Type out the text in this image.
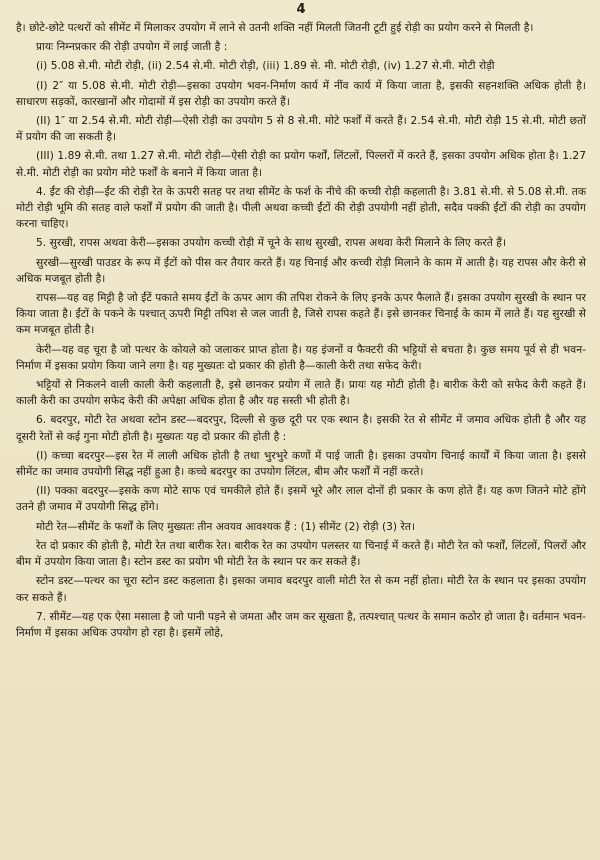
4

है। छोटे-छोटे पत्थरों को सीमेंट में मिलाकर उपयोग में लाने से उतनी शक्ति नहीं मिलती जितनी टूटी हुई रोड़ी का प्रयोग करने से मिलती है।

प्रायः निम्नप्रकार की रोड़ी उपयोग में लाई जाती है :

(i) 5.08 से.मी. मोटी रोड़ी, (ii) 2.54 से.मी. मोटी रोड़ी, (iii) 1.89 से. मी. मोटी रोड़ी, (iv) 1.27 से.मी. मोटी रोड़ी

(I) 2″ या 5.08 से.मी. मोटी रोड़ी—इसका उपयोग भवन-निर्माण कार्य में नींव कार्य में किया जाता है, इसकी सहनशक्ति अधिक होती है। साधारण सड़कों, कारखानों और गोदामों में इस रोड़ी का उपयोग करते हैं।

(II) 1″ या 2.54 से.मी. मोटी रोड़ी—ऐसी रोड़ी का उपयोग 5 से 8 से.मी. मोटे फर्शों में करते हैं। 2.54 से.मी. मोटी रोड़ी 15 से.मी. मोटी छतों में प्रयोग की जा सकती है।

(III) 1.89 से.मी. तथा 1.27 से.मी. मोटी रोड़ी—ऐसी रोड़ी का प्रयोग फर्शों, लिंटलों, पिल्लरों में करते हैं, इसका उपयोग अधिक होता है। 1.27 से.मी. मोटी रोड़ी का प्रयोग मोटे फर्शों के बनाने में किया जाता है।

4. ईंट की रोड़ी—ईंट की रोड़ी रेत के ऊपरी सतह पर तथा सीमेंट के फर्श के नीचे की कच्ची रोड़ी कहलाती है। 3.81 से.मी. से 5.08 से.मी. तक मोटी रोड़ी भूमि की सतह वाले फर्शों में प्रयोग की जाती है। पीली अथवा कच्ची ईंटों की रोड़ी उपयोगी नहीं होती, सदैव पक्की ईंटों की रोड़ी का उपयोग करना चाहिए।

5. सुरखी, रापस अथवा केरी—इसका उपयोग कच्ची रोड़ी में चूने के साथ सुरखी, रापस अथवा केरी मिलाने के लिए करते हैं।

सुरखी—सुरखी पाउडर के रूप में ईंटों को पीस कर तैयार करते हैं। यह चिनाई और कच्ची रोड़ी मिलाने के काम में आती है। यह रापस और केरी से अधिक मजबूत होती है।

रापस—यह वह मिट्टी है जो ईंटें पकाते समय ईंटों के ऊपर आग की तपिश रोकने के लिए इनके ऊपर फैलाते हैं। इसका उपयोग सुरखी के स्थान पर किया जाता है। ईंटों के पकने के पश्चात् ऊपरी मिट्टी तपिश से जल जाती है, जिसे रापस कहते हैं। इसे छानकर चिनाई के काम में लाते हैं। यह सुरखी से कम मजबूत होती है।

केरी—यह वह चूरा है जो पत्थर के कोयले को जलाकर प्राप्त होता है। यह इंजनों व फैक्टरी की भट्टियों से बचता है। कुछ समय पूर्व से ही भवन-निर्माण में इसका प्रयोग किया जाने लगा है। यह मुख्यतः दो प्रकार की होती है—काली केरी तथा सफेद केरी।

भट्टियों से निकलने वाली काली केरी कहलाती है, इसे छानकर प्रयोग में लाते हैं। प्रायः यह मोटी होती है। बारीक केरी को सफेद केरी कहते हैं। काली केरी का उपयोग सफेद केरी की अपेक्षा अधिक होता है और यह सस्ती भी होती है।

6. बदरपुर, मोटी रेत अथवा स्टोन डस्ट—बदरपुर, दिल्ली से कुछ दूरी पर एक स्थान है। इसकी रेत से सीमेंट में जमाव अधिक होती है और यह दूसरी रेतों से कई गुना मोटी होती है। मुख्यतः यह दो प्रकार की होती है :

(I) कच्चा बदरपुर—इस रेत में लाली अधिक होती है तथा भुरभुरे कणों में पाई जाती है। इसका उपयोग चिनाई कार्यों में किया जाता है। इससे सीमेंट का जमाव उपयोगी सिद्ध नहीं हुआ है। कच्चे बदरपुर का उपयोग लिंटल, बीम और फर्शों में नहीं करते।

(II) पक्का बदरपुर—इसके कण मोटे साफ एवं चमकीले होते हैं। इसमें भूरे और लाल दोनों ही प्रकार के कण होते हैं। यह कण जितने मोटे होंगे उतने ही जमाव में उपयोगी सिद्ध होंगे।

मोटी रेत—सीमेंट के फर्शों के लिए मुख्यतः तीन अवयव आवश्यक हैं : (1) सीमेंट (2) रोड़ी (3) रेत।

रेत दो प्रकार की होती है, मोटी रेत तथा बारीक रेत। बारीक रेत का उपयोग पलस्तर या चिनाई में करते हैं। मोटी रेत को फर्शों, लिंटलों, पिलरों और बीम में उपयोग किया जाता है। स्टोन डस्ट का प्रयोग भी मोटी रेत के स्थान पर कर सकते हैं।

स्टोन डस्ट—पत्थर का चूरा स्टोन डस्ट कहलाता है। इसका जमाव बदरपुर वाली मोटी रेत से कम नहीं होता। मोटी रेत के स्थान पर इसका उपयोग कर सकते हैं।

7. सीमेंट—यह एक ऐसा मसाला है जो पानी पड़ने से जमता और जम कर सूखता है, तत्पश्चात् पत्थर के समान कठोर हो जाता है। वर्तमान भवन-निर्माण में इसका अधिक उपयोग हो रहा है। इसमें लोहे,
